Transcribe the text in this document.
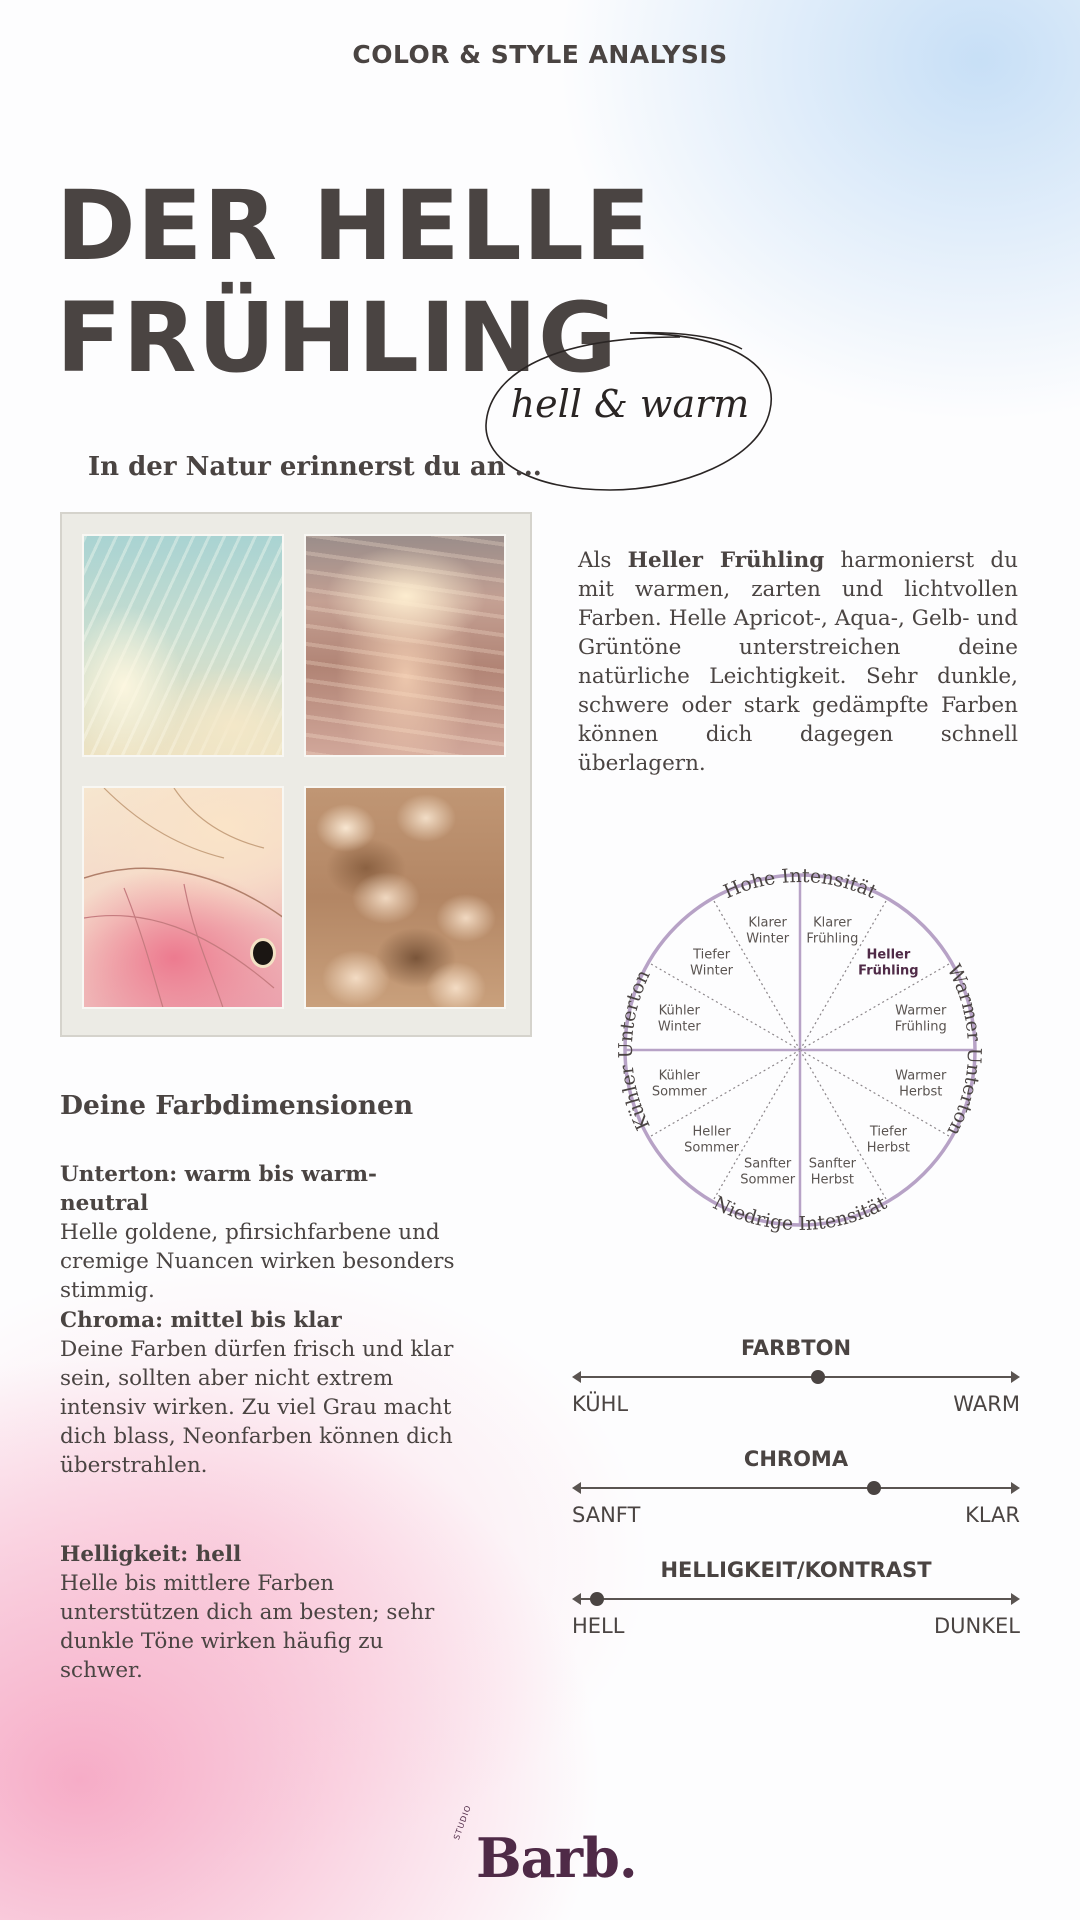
COLOR & STYLE ANALYSIS
DER HELLE
FRÜHLING
hell & warm
In der Natur erinnerst du an ...

Als Heller Frühling harmonierst du mit warmen, zarten und lichtvollen Farben. Helle Apricot-, Aqua-, Gelb- und Grüntöne unterstreichen deine natürliche Leichtigkeit. Sehr dunkle, schwere oder stark gedämpfte Farben können dich dagegen schnell überlagern.

Klarer Frühling
Heller Frühling
Warmer Frühling
Warmer Herbst
Tiefer Herbst
Sanfter Herbst
Sanfter Sommer
Heller Sommer
Kühler Sommer
Kühler Winter
Tiefer Winter
Klarer Winter
Hohe Intensität
Niedrige Intensität
Kühler Unterton	Warmer Unterton
Deine Farbdimensionen
Unterton: warm bis warm-neutral
Helle goldene, pfirsichfarbene und cremige Nuancen wirken besonders stimmig.
Chroma: mittel bis klar
Deine Farben dürfen frisch und klar sein, sollten aber nicht extrem intensiv wirken. Zu viel Grau macht dich blass, Neonfarben können dich überstrahlen.
Helligkeit: hell
Helle bis mittlere Farben unterstützen dich am besten; sehr dunkle Töne wirken häufig zu schwer.
FARBTON
KÜHL	WARM
CHROMA
SANFT	KLAR
HELLIGKEIT/KONTRAST
HELL	DUNKEL
STUDIO
Barb.
